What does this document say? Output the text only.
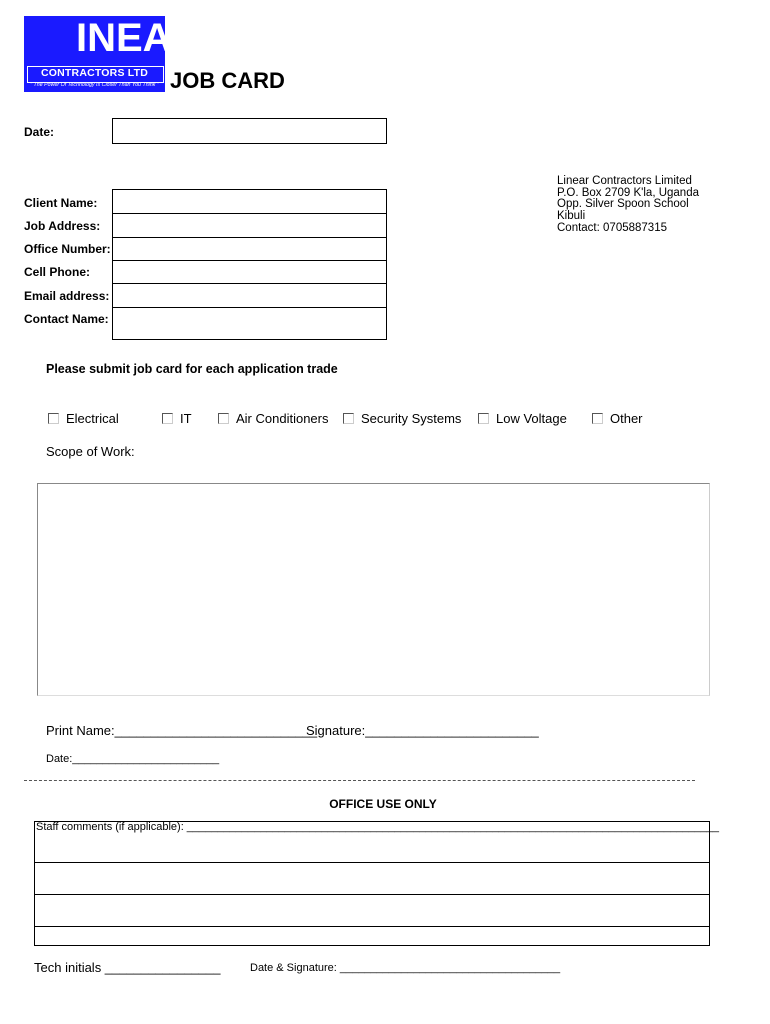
INEAR
CONTRACTORS LTD
" The Power Of Technology Is Closer Than You Think " JOB CARD
Date:
Client Name:
Job Address:
Office Number:
Cell Phone:
Email address:
Contact Name:
Linear Contractors Limited
P.O. Box 2709 K'la, Uganda
Opp. Silver Spoon School
Kibuli
Contact: 0705887315
Please submit job card for each application trade
Electrical	IT	Air Conditioners	Security Systems	Low Voltage	Other
Scope of Work:
Print Name:____________________________
Signature:________________________
Date:________________________
OFFICE USE ONLY
Staff comments (if applicable): _______________________________________________________________________________________
Tech initials ________________	Date & Signature: ____________________________________
